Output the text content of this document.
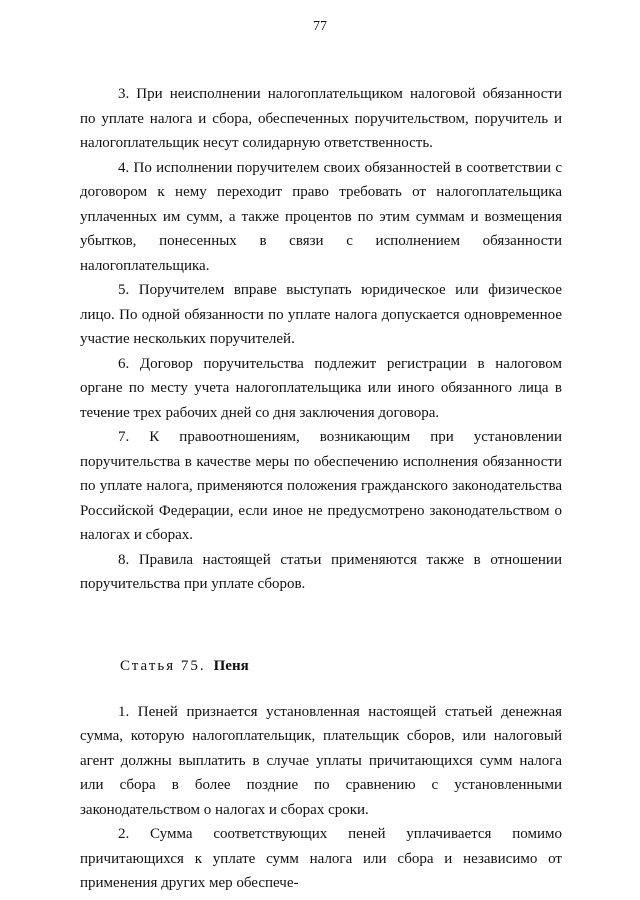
77

3. При неисполнении налогоплательщиком налоговой обязанности по уплате налога и сбора, обеспеченных поручительством, поручитель и налогоплательщик несут солидарную ответственность.

4. По исполнении поручителем своих обязанностей в соответствии с договором к нему переходит право требовать от налогоплательщика уплаченных им сумм, а также процентов по этим суммам и возмещения убытков, понесенных в связи с исполнением обязанности налогоплательщика.

5. Поручителем вправе выступать юридическое или физическое лицо. По одной обязанности по уплате налога допускается одновременное участие нескольких поручителей.

6. Договор поручительства подлежит регистрации в налоговом органе по месту учета налогоплательщика или иного обязанного лица в течение трех рабочих дней со дня заключения договора.

7. К правоотношениям, возникающим при установлении поручительства в качестве меры по обеспечению исполнения обязанности по уплате налога, применяются положения гражданского законодательства Российской Федерации, если иное не предусмотрено законодательством о налогах и сборах.

8. Правила настоящей статьи применяются также в отношении поручительства при уплате сборов.

Статья 75. Пеня

1. Пеней признается установленная настоящей статьей денежная сумма, которую налогоплательщик, плательщик сборов, или налоговый агент должны выплатить в случае уплаты причитающихся сумм налога или сбора в более поздние по сравнению с установленными законодательством о налогах и сборах сроки.

2. Сумма соответствующих пеней уплачивается помимо причитающихся к уплате сумм налога или сбора и независимо от применения других мер обеспече-
